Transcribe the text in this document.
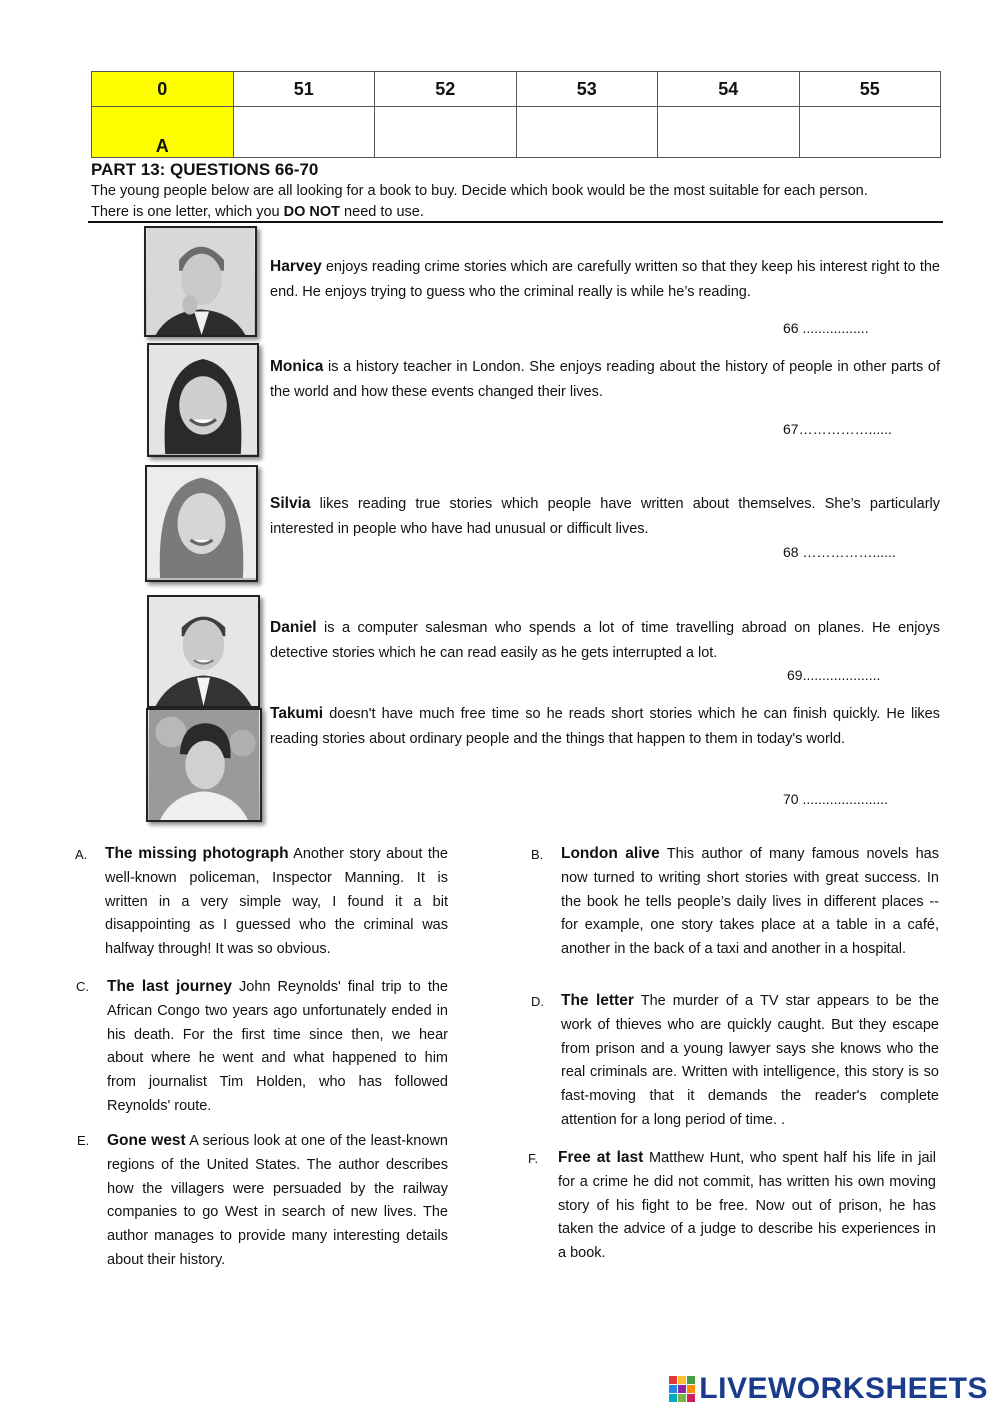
0	51	52	53	54	55
A					
PART 13: QUESTIONS 66-70
The young people below are all looking for a book to buy. Decide which book would be the most suitable for each person.
There is one letter, which you DO NOT need to use.
Harvey enjoys reading crime stories which are carefully written so that they keep his interest right to the end. He enjoys trying to guess who the criminal really is while he’s reading.
66 .................
Monica is a history teacher in London. She enjoys reading about the history of people in other parts of the world and how these events changed their lives.
67……………......
Silvia likes reading true stories which people have written about themselves. She’s particularly interested in people who have had unusual or difficult lives.
68 ……………......
Daniel is a computer salesman who spends a lot of time travelling abroad on planes. He enjoys detective stories which he can read easily as he gets interrupted a lot.
69....................
Takumi doesn't have much free time so he reads short stories which he can finish quickly. He likes reading stories about ordinary people and the things that happen to them in today's world.
70 ......................
A. The missing photograph Another story about the well-known policeman, Inspector Manning. It is written in a very simple way, I found it a bit disappointing as I guessed who the criminal was halfway through! It was so obvious.
B. London alive This author of many famous novels has now turned to writing short stories with great success. In the book he tells people’s daily lives in different places -- for example, one story takes place at a table in a café, another in the back of a taxi and another in a hospital.
C. The last journey John Reynolds' final trip to the African Congo two years ago unfortunately ended in his death. For the first time since then, we hear about where he went and what happened to him from journalist Tim Holden, who has followed Reynolds' route.
D. The letter The murder of a TV star appears to be the work of thieves who are quickly caught. But they escape from prison and a young lawyer says she knows who the real criminals are. Written with intelligence, this story is so fast-moving that it demands the reader's complete attention for a long period of time. .
E. Gone west A serious look at one of the least-known regions of the United States. The author describes how the villagers were persuaded by the railway companies to go West in search of new lives. The author manages to provide many interesting details about their history.
F. Free at last Matthew Hunt, who spent half his life in jail for a crime he did not commit, has written his own moving story of his fight to be free. Now out of prison, he has taken the advice of a judge to describe his experiences in a book.
LIVEWORKSHEETS
